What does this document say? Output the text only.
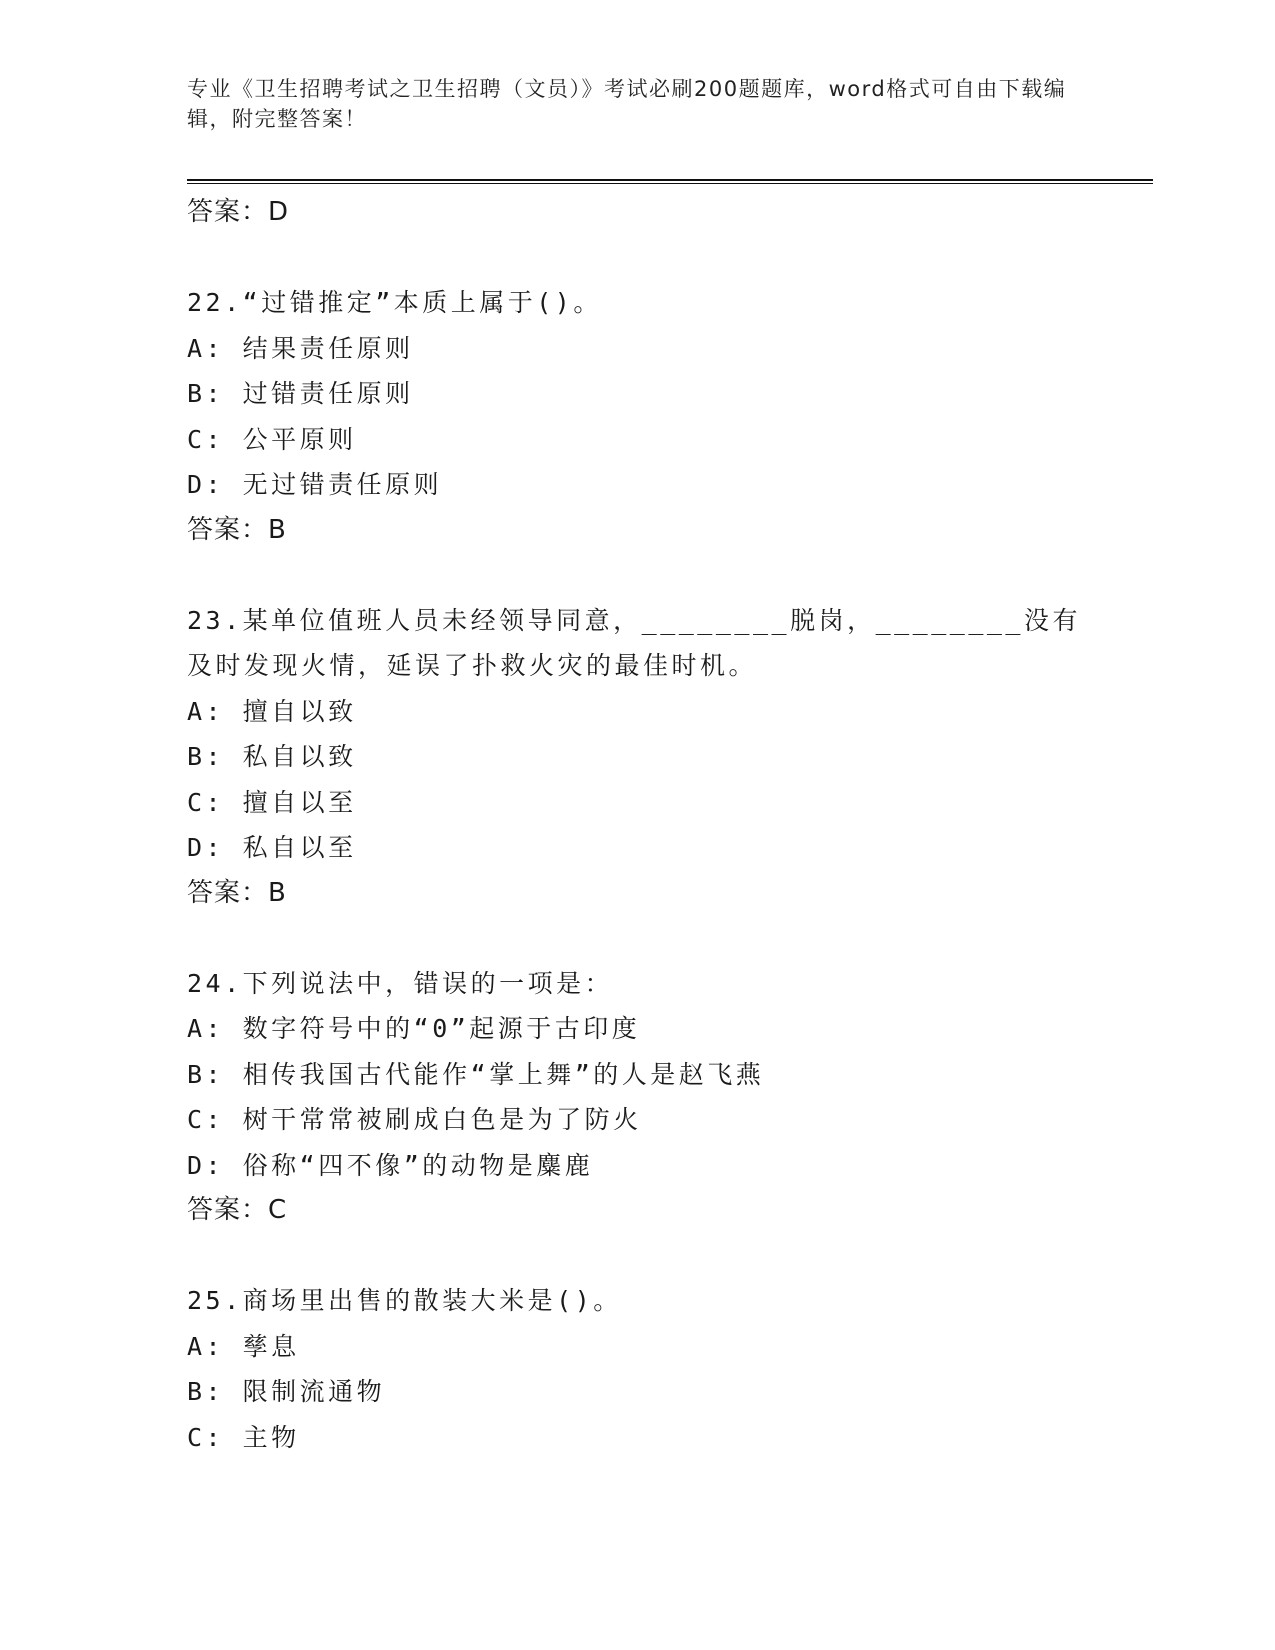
专业《卫生招聘考试之卫生招聘（文员）》考试必刷200题题库，word格式可自由下载编辑，附完整答案！
答案：D
22.“过错推定”本质上属于()。
A: 结果责任原则
B: 过错责任原则
C: 公平原则
D: 无过错责任原则
答案：B
23.某单位值班人员未经领导同意，________脱岗，________没有及时发现火情，延误了扑救火灾的最佳时机。
A: 擅自以致
B: 私自以致
C: 擅自以至
D: 私自以至
答案：B
24.下列说法中，错误的一项是：
A: 数字符号中的“0”起源于古印度
B: 相传我国古代能作“掌上舞”的人是赵飞燕
C: 树干常常被刷成白色是为了防火
D: 俗称“四不像”的动物是麋鹿
答案：C
25.商场里出售的散装大米是()。
A: 孳息
B: 限制流通物
C: 主物
